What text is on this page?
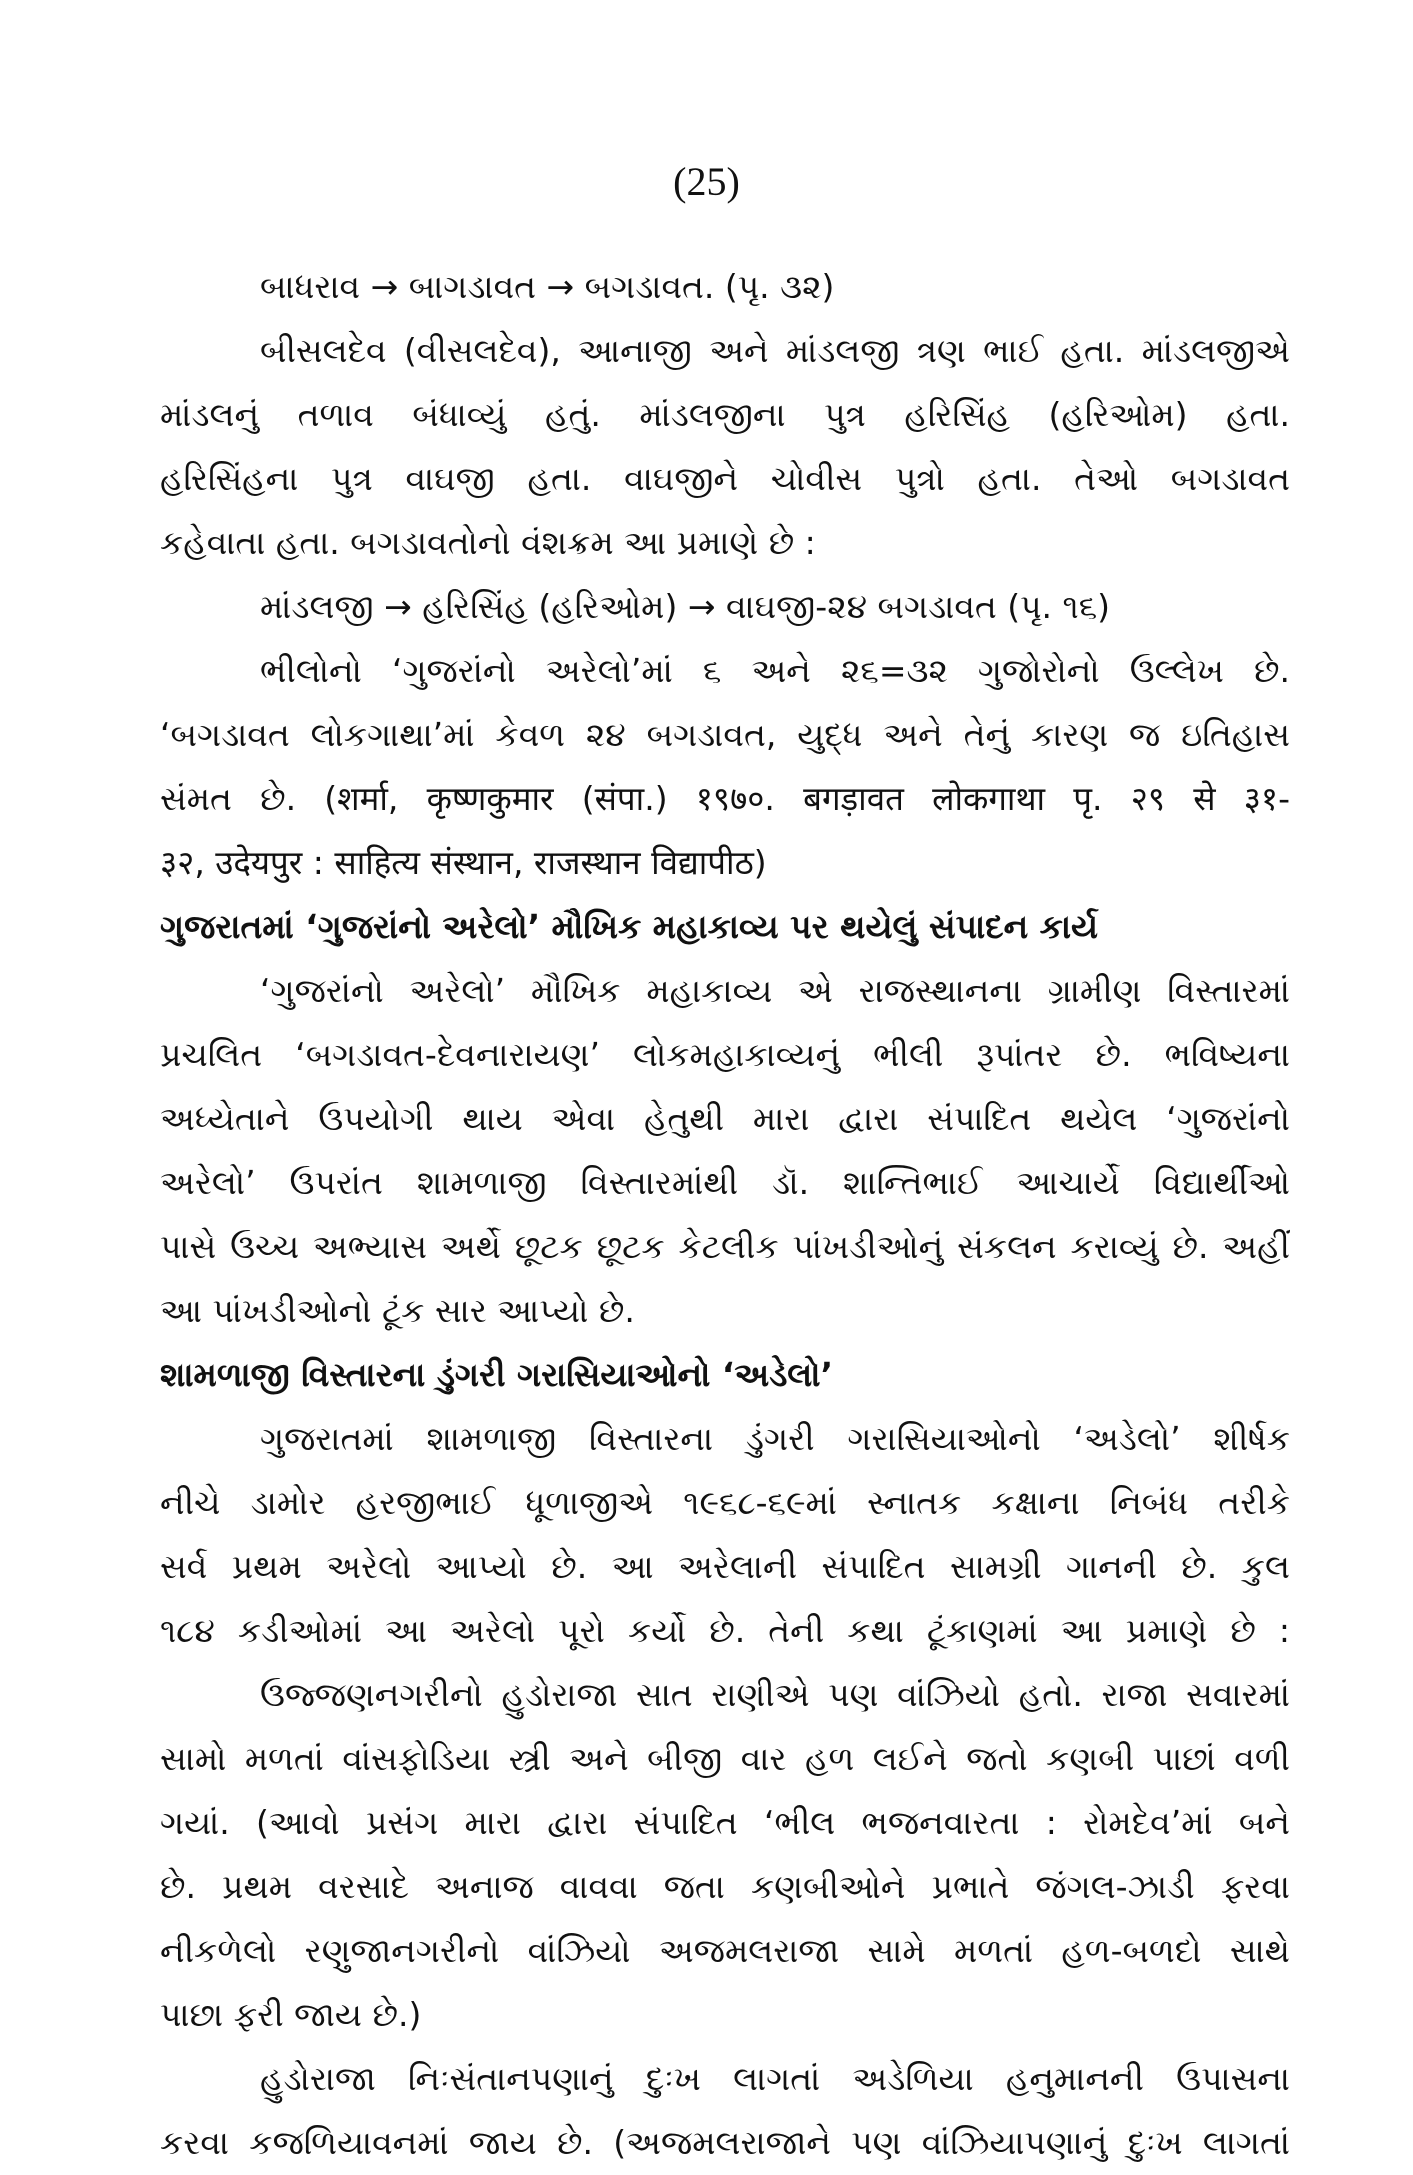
(25)
બાધરાવ → બાગડાવત → બગડાવત. (પૃ. ૩૨)
બીસલદેવ (વીસલદેવ), આનાજી અને માંડલજી ત્રણ ભાઈ હતા. માંડલજીએ
માંડલનું તળાવ બંધાવ્યું હતું. માંડલજીના પુત્ર હરિસિંહ (હરિઓમ) હતા.
હરિસિંહના પુત્ર વાઘજી હતા. વાઘજીને ચોવીસ પુત્રો હતા. તેઓ બગડાવત
કહેવાતા હતા. બગડાવતોનો વંશક્રમ આ પ્રમાણે છે :
માંડલજી → હરિસિંહ (હરિઓમ) → વાઘજી-૨૪ બગડાવત (પૃ. ૧૬)
ભીલોનો ‘ગુજરાંનો અરેલો’માં ૬ અને ૨૬=૩૨ ગુજોરોનો ઉલ્લેખ છે.
‘બગડાવત લોકગાથા’માં કેવળ ૨૪ બગડાવત, યુદ્ધ અને તેનું કારણ જ ઇતિહાસ
સંમત છે. (शर्मा, कृष्णकुमार (संपा.) १९७०. बगड़ावत लोकगाथा पृ. २९ से ३१-
३२, उदेयपुर : साहित्य संस्थान, राजस्थान विद्यापीठ)
ગુજરાતમાં ‘ગુજરાંનો અરેલો’ મૌખિક મહાકાવ્ય પર થયેલું સંપાદન કાર્ય
‘ગુજરાંનો અરેલો’ મૌખિક મહાકાવ્ય એ રાજસ્થાનના ગ્રામીણ વિસ્તારમાં
પ્રચલિત ‘બગડાવત-દેવનારાયણ’ લોકમહાકાવ્યનું ભીલી રૂપાંતર છે. ભવિષ્યના
અધ્યેતાને ઉપયોગી થાય એવા હેતુથી મારા દ્વારા સંપાદિત થયેલ ‘ગુજરાંનો
અરેલો’ ઉપરાંત શામળાજી વિસ્તારમાંથી ડૉ. શાન્તિભાઈ આચાર્યે વિદ્યાર્થીઓ
પાસે ઉચ્ચ અભ્યાસ અર્થે છૂટક છૂટક કેટલીક પાંખડીઓનું સંકલન કરાવ્યું છે. અહીં
આ પાંખડીઓનો ટૂંક સાર આપ્યો છે.
શામળાજી વિસ્તારના ડુંગરી ગરાસિયાઓનો ‘અડેલો’
ગુજરાતમાં શામળાજી વિસ્તારના ડુંગરી ગરાસિયાઓનો ‘અડેલો’ શીર્ષક
નીચે ડામોર હરજીભાઈ ધૂળાજીએ ૧૯૬૮-૬૯માં સ્નાતક કક્ષાના નિબંધ તરીકે
સર્વ પ્રથમ અરેલો આપ્યો છે. આ અરેલાની સંપાદિત સામગ્રી ગાનની છે. કુલ
૧૮૪ કડીઓમાં આ અરેલો પૂરો કર્યો છે. તેની કથા ટૂંકાણમાં આ પ્રમાણે છે :
ઉજ્જણનગરીનો હુડોરાજા સાત રાણીએ પણ વાંઝિયો હતો. રાજા સવારમાં
સામો મળતાં વાંસફોડિયા સ્ત્રી અને બીજી વાર હળ લઈને જતો કણબી પાછાં વળી
ગયાં. (આવો પ્રસંગ મારા દ્વારા સંપાદિત ‘ભીલ ભજનવારતા : રોમદેવ’માં બને
છે. પ્રથમ વરસાદે અનાજ વાવવા જતા કણબીઓને પ્રભાતે જંગલ-ઝાડી ફરવા
નીકળેલો રણુજાનગરીનો વાંઝિયો અજમલરાજા સામે મળતાં હળ-બળદો સાથે
પાછા ફરી જાય છે.)
હુડોરાજા નિઃસંતાનપણાનું દુઃખ લાગતાં અડેળિયા હનુમાનની ઉપાસના
કરવા કજળિયાવનમાં જાય છે. (અજમલરાજાને પણ વાંઝિયાપણાનું દુઃખ લાગતાં
